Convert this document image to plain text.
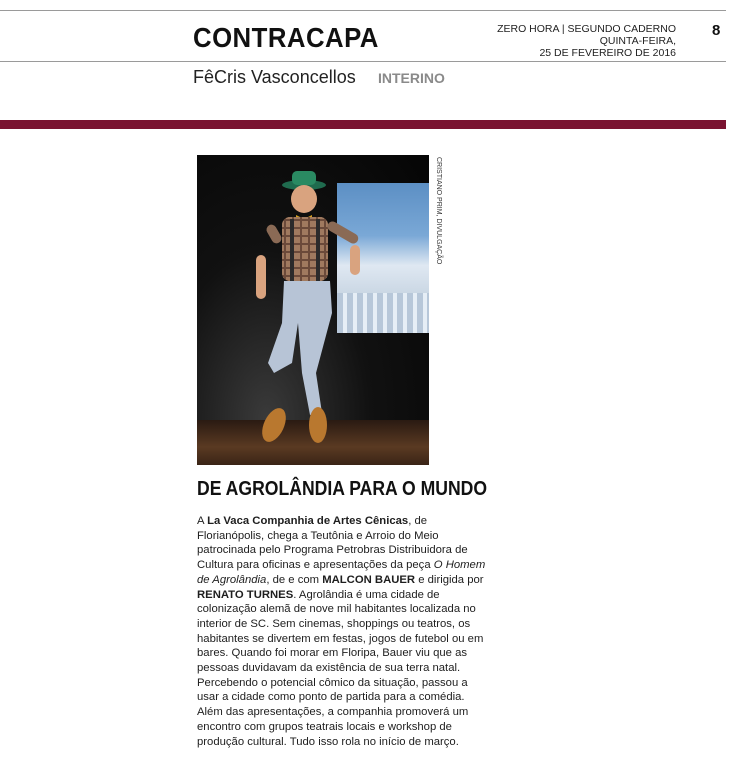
CONTRACAPA	ZERO HORA | SEGUNDO CADERNO
QUINTA-FEIRA,
25 DE FEVEREIRO DE 2016
8
FêCris Vasconcellos INTERINO
CRISTIANO PRIM, DIVULGAÇÃO
DE AGROLÂNDIA PARA O MUNDO

A La Vaca Companhia de Artes Cênicas, de Florianópolis, chega a Teutônia e Arroio do Meio patrocinada pelo Programa Petrobras Distribuidora de Cultura para oficinas e apresentações da peça O Homem de Agrolândia, de e com MALCON BAUER e dirigida por RENATO TURNES. Agrolândia é uma cidade de colonização alemã de nove mil habitantes localizada no interior de SC. Sem cinemas, shoppings ou teatros, os habitantes se divertem em festas, jogos de futebol ou em bares. Quando foi morar em Floripa, Bauer viu que as pessoas duvidavam da existência de sua terra natal. Percebendo o potencial cômico da situação, passou a usar a cidade como ponto de partida para a comédia. Além das apresentações, a companhia promoverá um encontro com grupos teatrais locais e workshop de produção cultural. Tudo isso rola no início de março.
